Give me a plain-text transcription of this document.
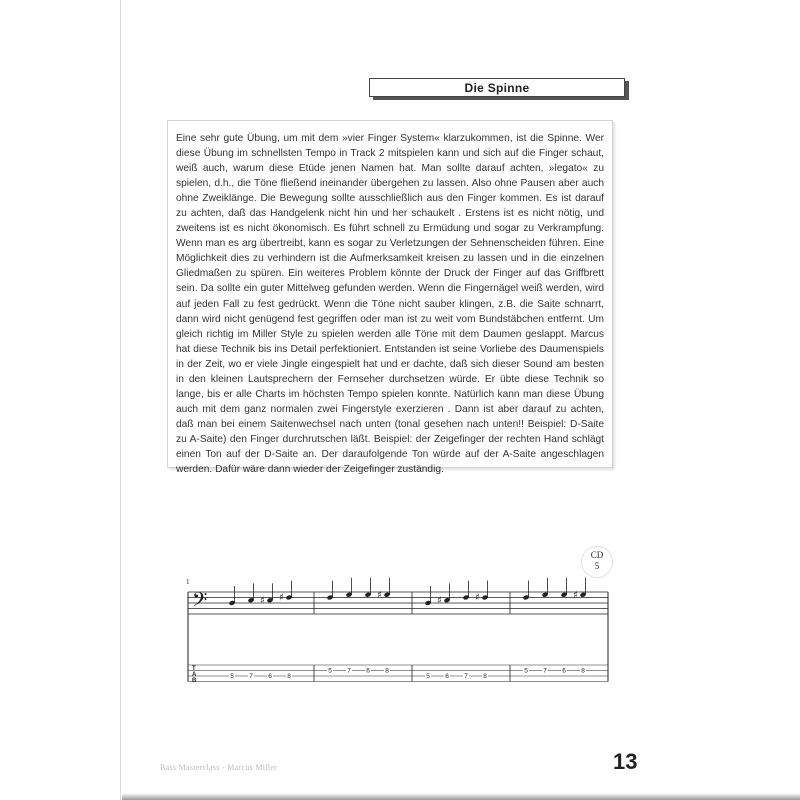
Die Spinne
Eine sehr gute Übung, um mit dem »vier Finger System« klarzukommen, ist die Spinne. Wer diese Übung im schnellsten Tempo in Track 2 mitspielen kann und sich auf die Finger schaut, weiß auch, warum diese Etüde jenen Namen hat. Man sollte darauf achten, »legato« zu spielen, d.h., die Töne fließend ineinander übergehen zu lassen. Also ohne Pausen aber auch ohne Zweiklänge. Die Bewegung sollte ausschließlich aus den Finger kommen. Es ist darauf zu achten, daß das Handgelenk nicht hin und her schaukelt . Erstens ist es nicht nötig, und zweitens ist es nicht ökonomisch. Es führt schnell zu Ermüdung und sogar zu Verkrampfung. Wenn man es arg übertreibt, kann es sogar zu Verletzungen der Sehnenscheiden führen. Eine Möglichkeit dies zu verhindern ist die Aufmerksamkeit kreisen zu lassen und in die einzelnen Gliedmaßen zu spüren. Ein weiteres Problem könnte der Druck der Finger auf das Griffbrett sein. Da sollte ein guter Mittelweg gefunden werden. Wenn die Fingernägel weiß werden, wird auf jeden Fall zu fest gedrückt. Wenn die Töne nicht sauber klingen, z.B. die Saite schnarrt, dann wird nicht genügend fest gegriffen oder man ist zu weit vom Bundstäbchen entfernt. Um gleich richtig im Miller Style zu spielen werden alle Töne mit dem Daumen geslappt. Marcus hat diese Technik bis ins Detail perfektioniert. Entstanden ist seine Vorliebe des Daumenspiels in der Zeit, wo er viele Jingle eingespielt hat und er dachte, daß sich dieser Sound am besten in den kleinen Lautsprechern der Fernseher durchsetzen würde. Er übte diese Technik so lange, bis er alle Charts im höchsten Tempo spielen konnte. Natürlich kann man diese Übung auch mit dem ganz normalen zwei Fingerstyle exerzieren . Dann ist aber darauf zu achten, daß man bei einem Saitenwechsel nach unten (tonal gesehen nach unten!! Beispiel: D-Saite zu A-Saite) den Finger durchrutschen läßt. Beispiel: der Zeigefinger der rechten Hand schlägt einen Ton auf der D-Saite an. Der daraufolgende Ton würde auf der A-Saite angeschlagen werden. Dafür wäre dann wieder der Zeigefinger zuständig.
CD
5
1
𝄢
T
A
B
5 7
♯
6
♯
8
5 7 6
♯
8
5
♯
6 7
♯
8
5 7 6
♯
8
Bass Masterclass - Marcus Miller	13
